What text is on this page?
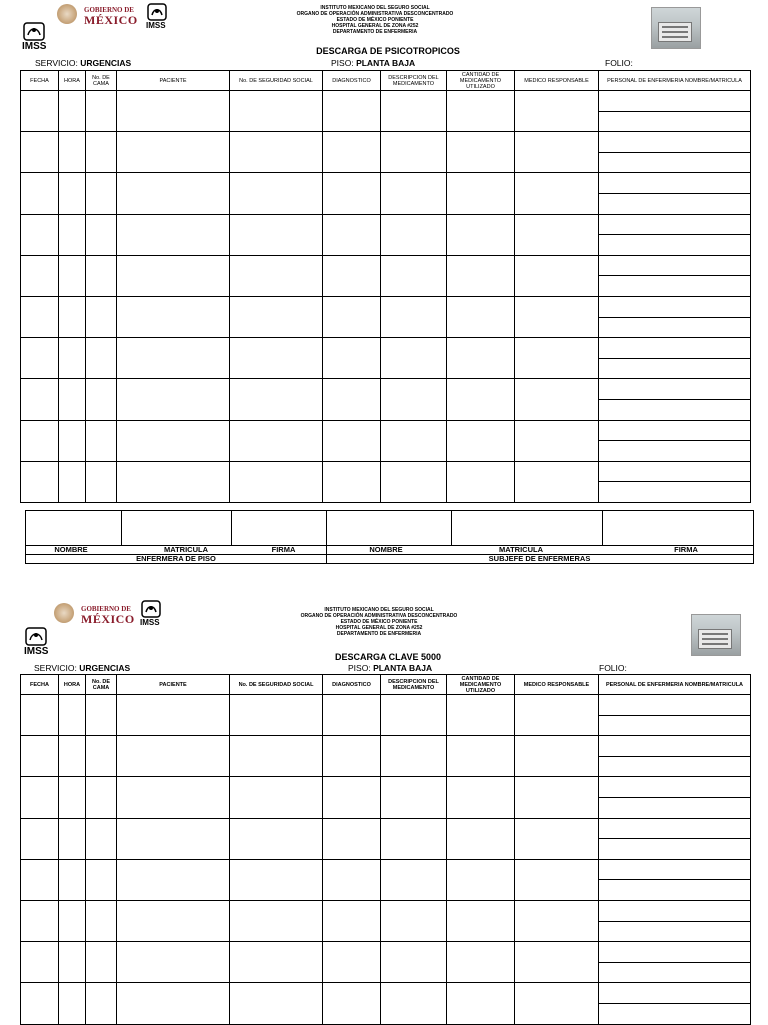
GOBIERNO DE
MÉXICO IMSS
IMSS
INSTITUTO MEXICANO DEL SEGURO SOCIAL
ORGANO DE OPERACIÓN ADMINISTRATIVA DESCONCENTRADO
ESTADO DE MÉXICO PONIENTE
HOSPITAL GENERAL DE ZONA #252
DEPARTAMENTO DE ENFERMERIA
DESCARGA DE PSICOTROPICOS
SERVICIO: URGENCIAS	PISO: PLANTA BAJA	FOLIO:
FECHA	HORA	No. DE CAMA	PACIENTE	No. DE SEGURIDAD SOCIAL	DIAGNOSTICO	DESCRIPCION DEL MEDICAMENTO	CANTIDAD DE MEDICAMENTO UTILIZADO	MEDICO RESPONSABLE	PERSONAL DE ENFERMERIA NOMBRE/MATRICULA

NOMBRE	MATRICULA	FIRMA	NOMBRE	MATRICULA	FIRMA
ENFERMERA DE PISO	SUBJEFE DE ENFERMERAS
GOBIERNO DE
MÉXICO IMSS
IMSS
INSTITUTO MEXICANO DEL SEGURO SOCIAL
ORGANO DE OPERACIÓN ADMINISTRATIVA DESCONCENTRADO
ESTADO DE MÉXICO PONIENTE
HOSPITAL GENERAL DE ZONA #252
DEPARTAMENTO DE ENFERMERIA
DESCARGA CLAVE 5000
SERVICIO: URGENCIAS	PISO: PLANTA BAJA	FOLIO:
FECHA	HORA	No. DE CAMA	PACIENTE	No. DE SEGURIDAD SOCIAL	DIAGNOSTICO	DESCRIPCION DEL MEDICAMENTO	CANTIDAD DE MEDICAMENTO UTILIZADO	MEDICO RESPONSABLE	PERSONAL DE ENFERMERIA NOMBRE/MATRICULA
